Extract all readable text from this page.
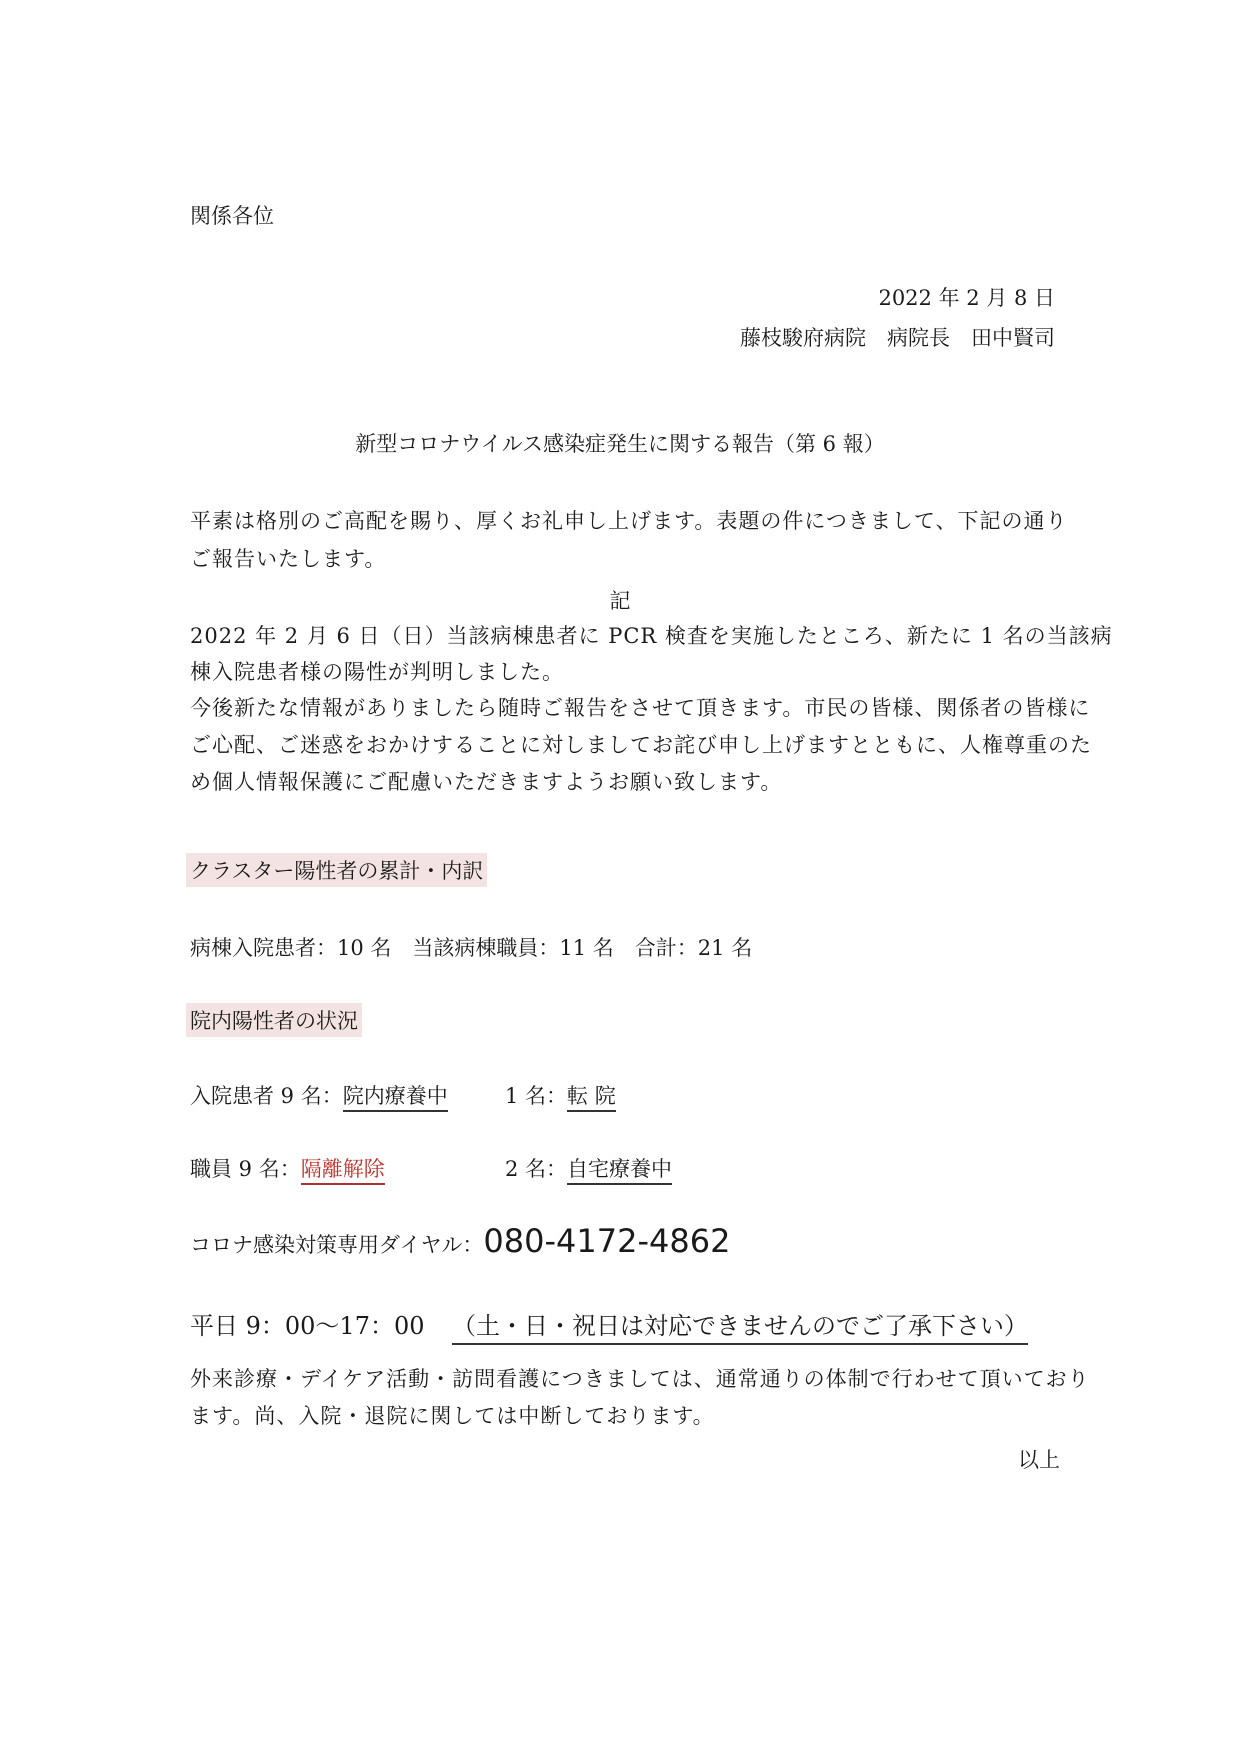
関係各位
2022 年 2 月 8 日
藤枝駿府病院　病院長　田中賢司
新型コロナウイルス感染症発生に関する報告（第 6 報）
平素は格別のご高配を賜り、厚くお礼申し上げます。表題の件につきまして、下記の通り
ご報告いたします。
記
2022 年 2 月 6 日（日）当該病棟患者に PCR 検査を実施したところ、新たに 1 名の当該病
棟入院患者様の陽性が判明しました。
今後新たな情報がありましたら随時ご報告をさせて頂きます。市民の皆様、関係者の皆様に
ご心配、ご迷惑をおかけすることに対しましてお詫び申し上げますとともに、人権尊重のた
め個人情報保護にご配慮いただきますようお願い致します。
クラスター陽性者の累計・内訳
病棟入院患者：10 名　当該病棟職員：11 名　合計：21 名
院内陽性者の状況
入院患者 9 名：院内療養中	1 名：転 院
職員 9 名：隔離解除	2 名：自宅療養中
コロナ感染対策専用ダイヤル：080-4172-4862
平日 9：00～17：00 （土・日・祝日は対応できませんのでご了承下さい）
外来診療・デイケア活動・訪問看護につきましては、通常通りの体制で行わせて頂いており
ます。尚、入院・退院に関しては中断しております。
以上
